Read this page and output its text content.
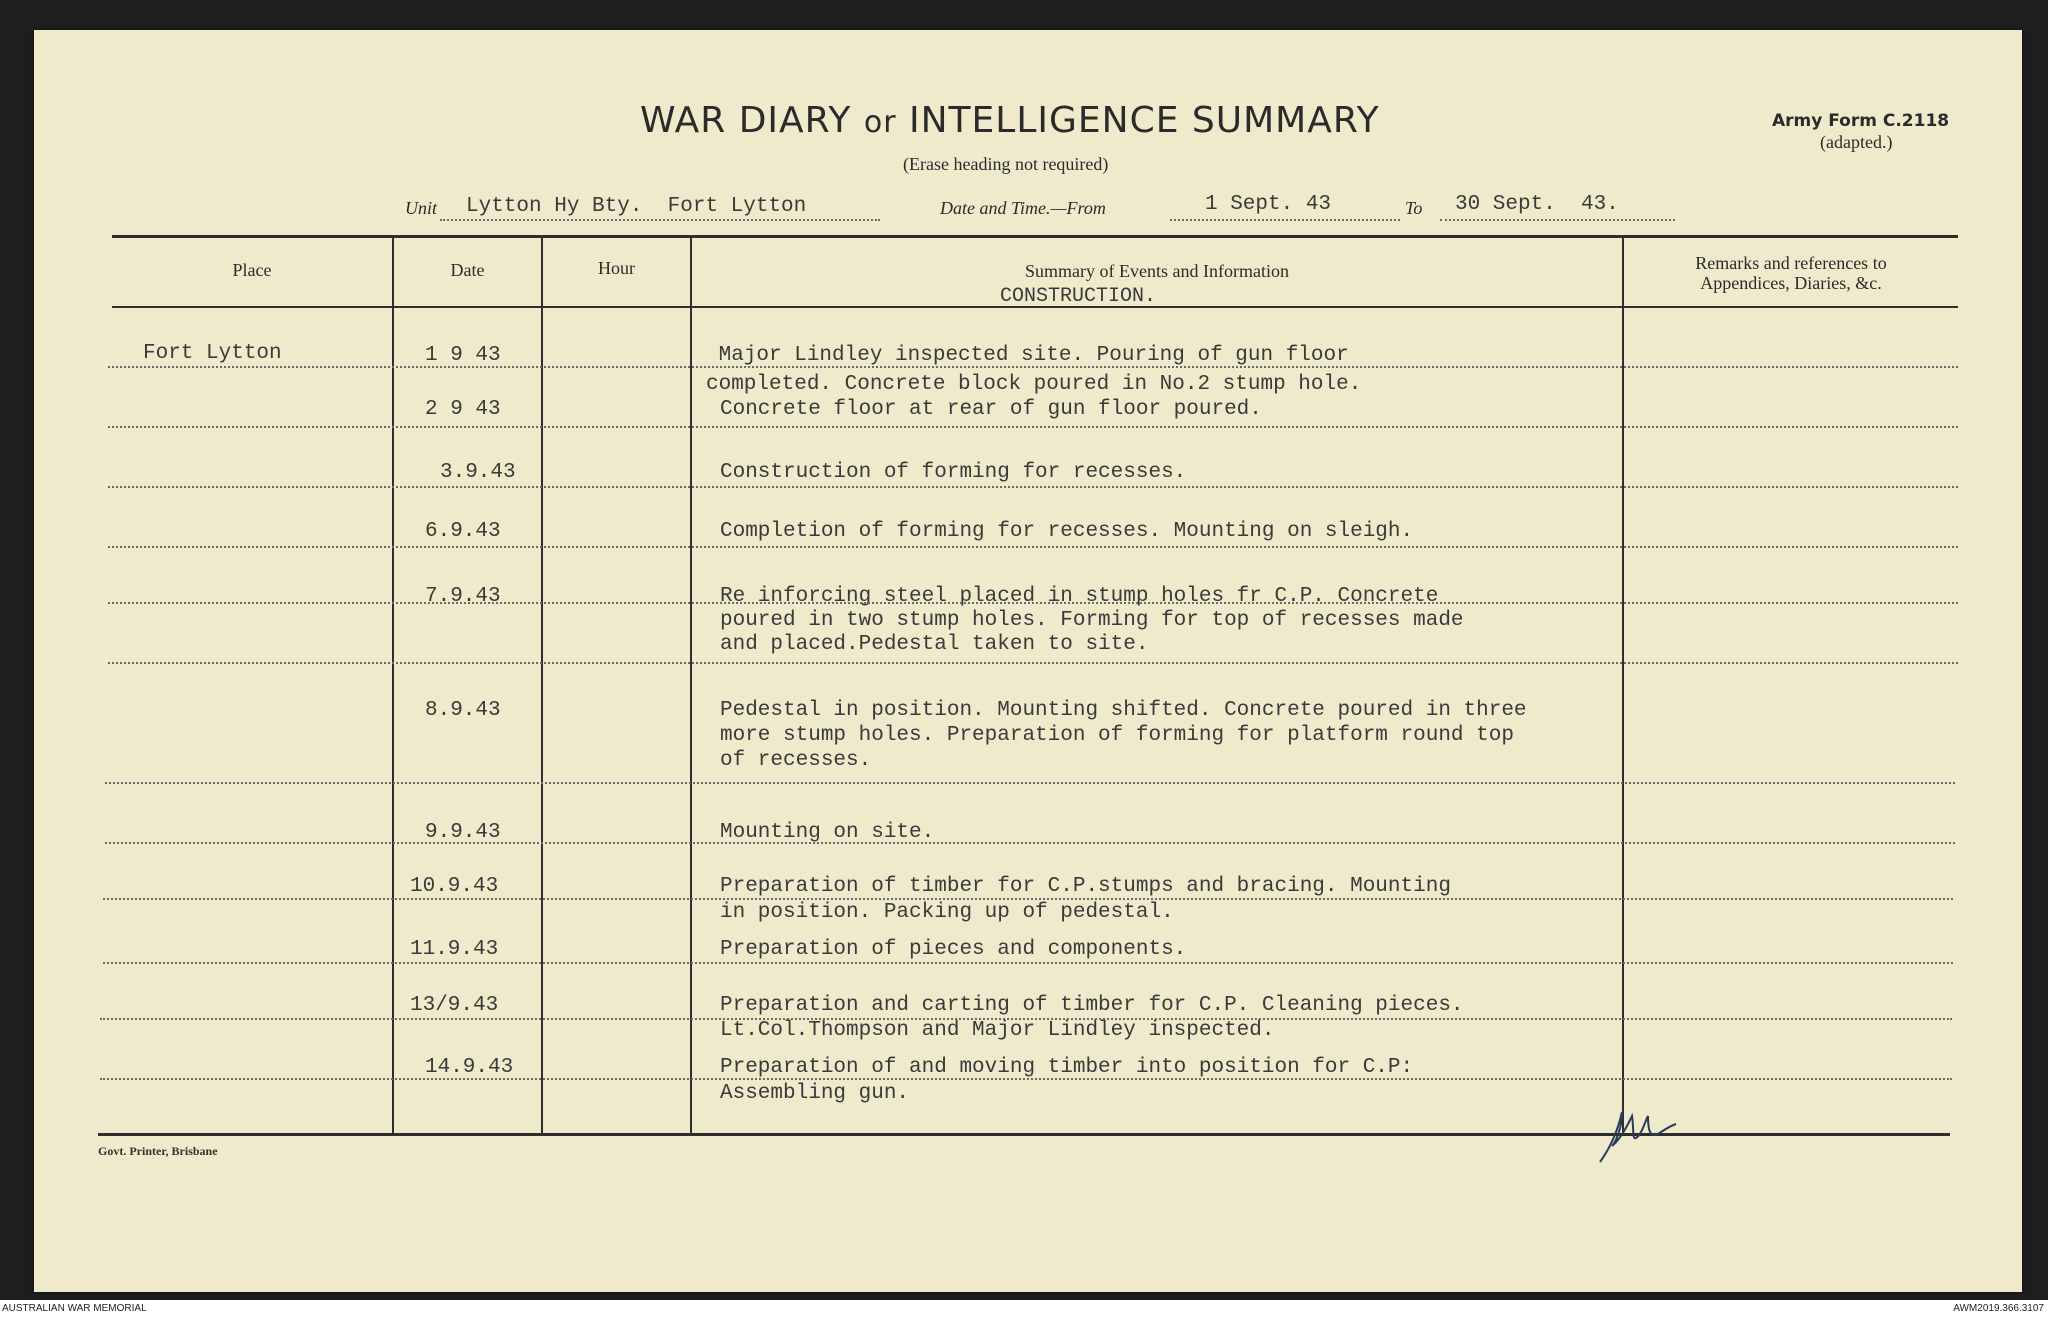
WAR DIARY or INTELLIGENCE SUMMARY
(Erase heading not required)
Army Form C.2118
(adapted.)
Unit Lytton Hy Bty.  Fort Lytton	Date and Time.—From	1 Sept. 43	To 30 Sept.  43.
Place	Date	Hour	Summary of Events and Information	Remarks and references to
Appendices, Diaries, &c.
CONSTRUCTION.
Fort Lytton	1 9 43	Major Lindley inspected site. Pouring of gun floor
completed. Concrete block poured in No.2 stump hole.
2 9 43	Concrete floor at rear of gun floor poured.
3.9.43	Construction of forming for recesses.
6.9.43	Completion of forming for recesses. Mounting on sleigh.
7.9.43	Re inforcing steel placed in stump holes fr C.P. Concrete
poured in two stump holes. Forming for top of recesses made
and placed.Pedestal taken to site.
8.9.43	Pedestal in position. Mounting shifted. Concrete poured in three
more stump holes. Preparation of forming for platform round top
of recesses.
9.9.43	Mounting on site.
10.9.43	Preparation of timber for C.P.stumps and bracing. Mounting
in position. Packing up of pedestal.
11.9.43	Preparation of pieces and components.
13/9.43	Preparation and carting of timber for C.P. Cleaning pieces.
Lt.Col.Thompson and Major Lindley inspected.
14.9.43	Preparation of and moving timber into position for C.P:
Assembling gun.
Govt. Printer, Brisbane
AUSTRALIAN WAR MEMORIAL	AWM2019.366.3107
